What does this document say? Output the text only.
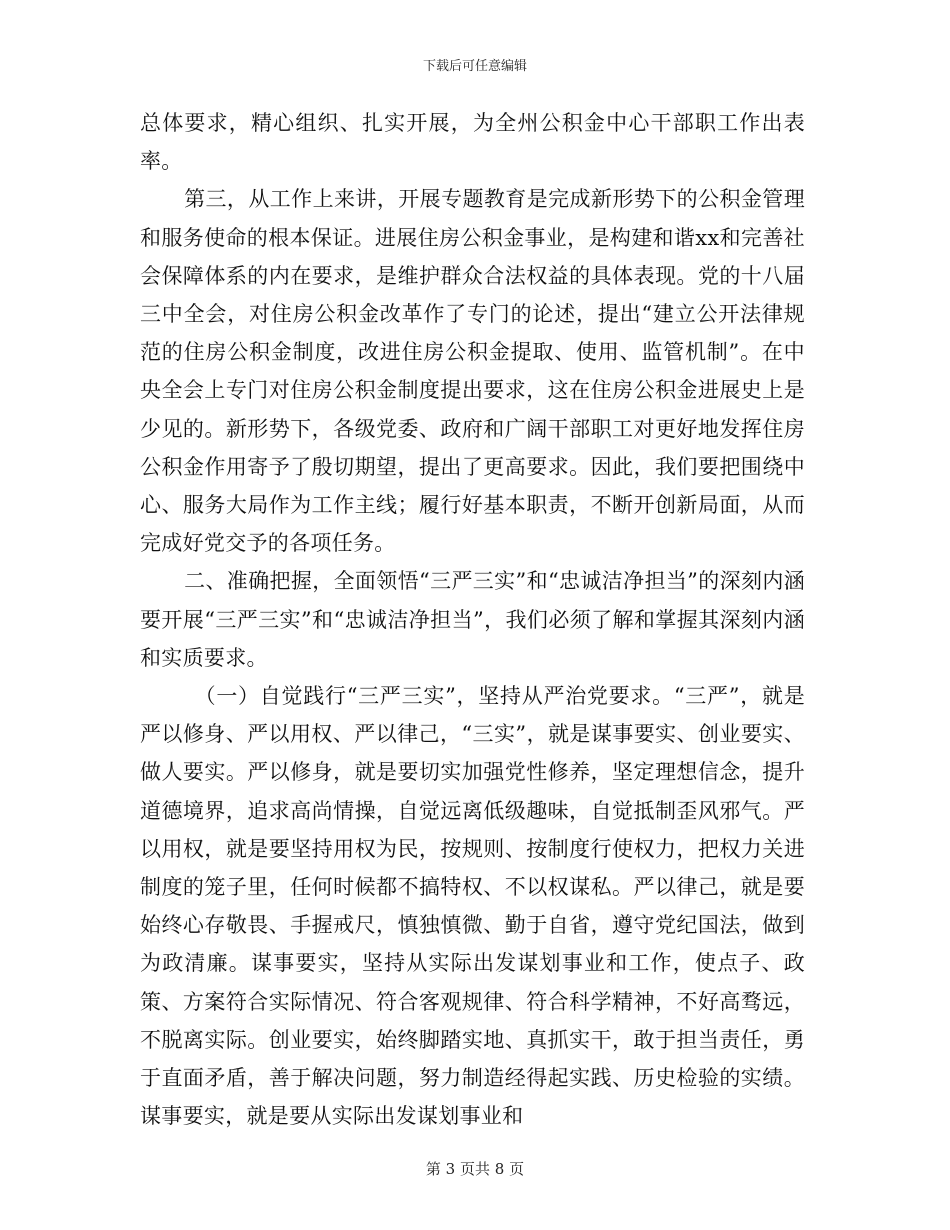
下载后可任意编辑

总体要求，精心组织、扎实开展，为全州公积金中心干部职工作出表率。

第三，从工作上来讲，开展专题教育是完成新形势下的公积金管理和服务使命的根本保证。进展住房公积金事业，是构建和谐xx和完善社会保障体系的内在要求，是维护群众合法权益的具体表现。党的十八届三中全会，对住房公积金改革作了专门的论述，提出“建立公开法律规范的住房公积金制度，改进住房公积金提取、使用、监管机制”。在中央全会上专门对住房公积金制度提出要求，这在住房公积金进展史上是少见的。新形势下，各级党委、政府和广阔干部职工对更好地发挥住房公积金作用寄予了殷切期望，提出了更高要求。因此，我们要把围绕中心、服务大局作为工作主线；履行好基本职责，不断开创新局面，从而完成好党交予的各项任务。

二、准确把握，全面领悟“三严三实”和“忠诚洁净担当”的深刻内涵要开展“三严三实”和“忠诚洁净担当”，我们必须了解和掌握其深刻内涵和实质要求。

（一）自觉践行“三严三实”，坚持从严治党要求。“三严”，就是严以修身、严以用权、严以律己，“三实”，就是谋事要实、创业要实、做人要实。严以修身，就是要切实加强党性修养，坚定理想信念，提升道德境界，追求高尚情操，自觉远离低级趣味，自觉抵制歪风邪气。严以用权，就是要坚持用权为民，按规则、按制度行使权力，把权力关进制度的笼子里，任何时候都不搞特权、不以权谋私。严以律己，就是要始终心存敬畏、手握戒尺，慎独慎微、勤于自省，遵守党纪国法，做到为政清廉。谋事要实，坚持从实际出发谋划事业和工作，使点子、政策、方案符合实际情况、符合客观规律、符合科学精神，不好高骛远，不脱离实际。创业要实，始终脚踏实地、真抓实干，敢于担当责任，勇于直面矛盾，善于解决问题，努力制造经得起实践、历史检验的实绩。谋事要实，就是要从实际出发谋划事业和

第 3 页共 8 页
